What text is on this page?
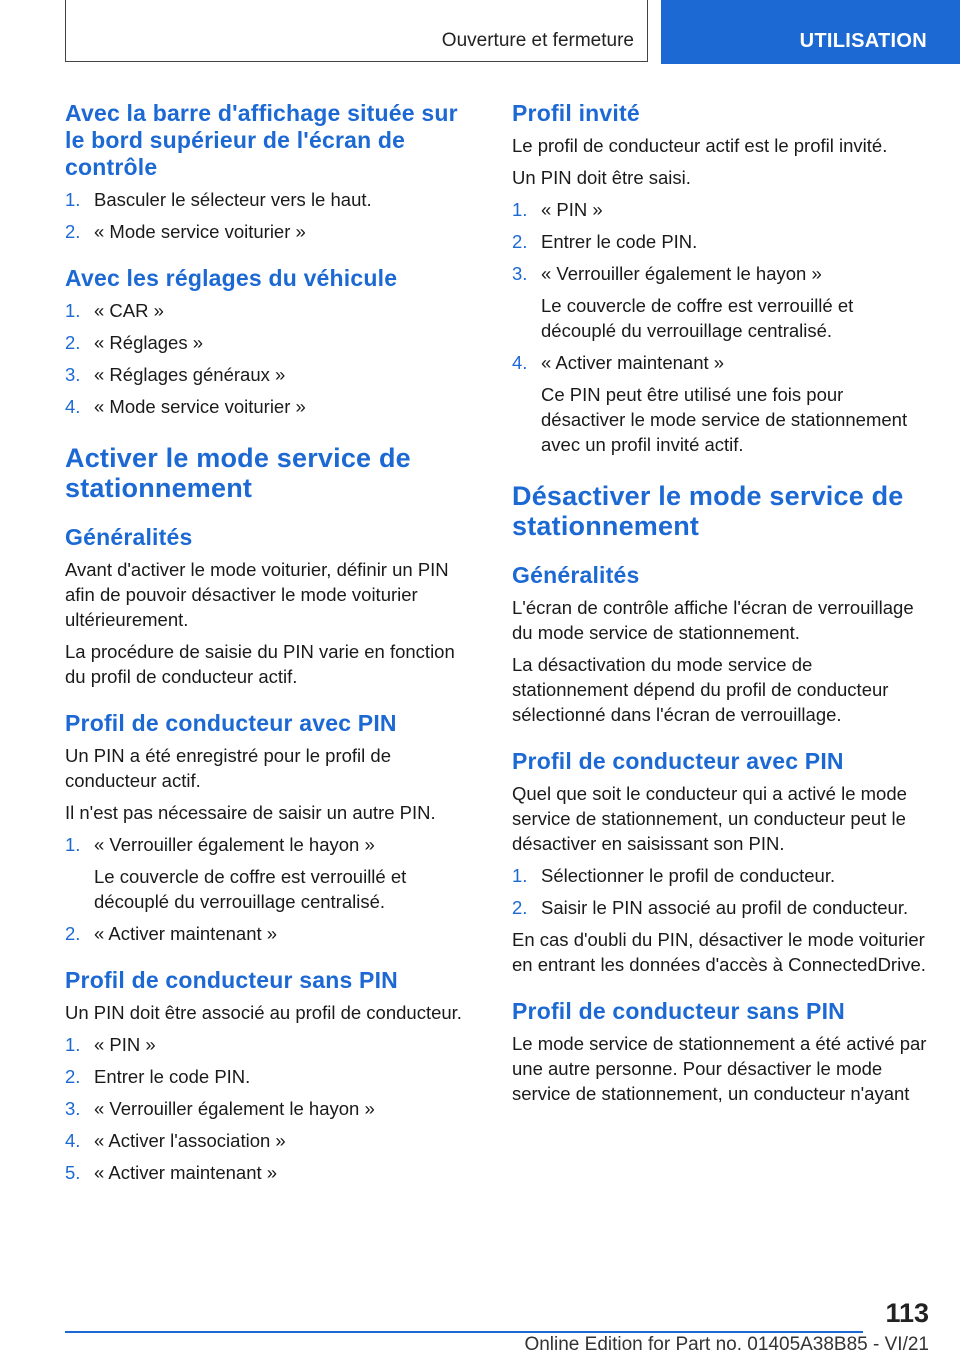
Ouverture et fermeture	UTILISATION
Avec la barre d'affichage située sur le bord supérieur de l'écran de contrôle
1. Basculer le sélecteur vers le haut.
2. « Mode service voiturier »
Avec les réglages du véhicule
1. « CAR »
2. « Réglages »
3. « Réglages généraux »
4. « Mode service voiturier »
Activer le mode service de stationnement
Généralités

Avant d'activer le mode voiturier, définir un PIN afin de pouvoir désactiver le mode voiturier ultérieurement.

La procédure de saisie du PIN varie en fonction du profil de conducteur actif.

Profil de conducteur avec PIN

Un PIN a été enregistré pour le profil de conducteur actif.

Il n'est pas nécessaire de saisir un autre PIN.

1. « Verrouiller également le hayon »
Le couvercle de coffre est verrouillé et découplé du verrouillage centralisé.
2. « Activer maintenant »
Profil de conducteur sans PIN

Un PIN doit être associé au profil de conducteur.

1. « PIN »
2. Entrer le code PIN.
3. « Verrouiller également le hayon »
4. « Activer l'association »
5. « Activer maintenant »
Profil invité

Le profil de conducteur actif est le profil invité.

Un PIN doit être saisi.

1. « PIN »
2. Entrer le code PIN.
3. « Verrouiller également le hayon »
Le couvercle de coffre est verrouillé et découplé du verrouillage centralisé.
4. « Activer maintenant »
Ce PIN peut être utilisé une fois pour désactiver le mode service de stationnement avec un profil invité actif.
Désactiver le mode service de stationnement
Généralités

L'écran de contrôle affiche l'écran de verrouillage du mode service de stationnement.

La désactivation du mode service de stationnement dépend du profil de conducteur sélectionné dans l'écran de verrouillage.

Profil de conducteur avec PIN

Quel que soit le conducteur qui a activé le mode service de stationnement, un conducteur peut le désactiver en saisissant son PIN.

1. Sélectionner le profil de conducteur.
2. Saisir le PIN associé au profil de conducteur.

En cas d'oubli du PIN, désactiver le mode voiturier en entrant les données d'accès à ConnectedDrive.

Profil de conducteur sans PIN

Le mode service de stationnement a été activé par une autre personne. Pour désactiver le mode service de stationnement, un conducteur n'ayant

113
Online Edition for Part no. 01405A38B85 - VI/21
